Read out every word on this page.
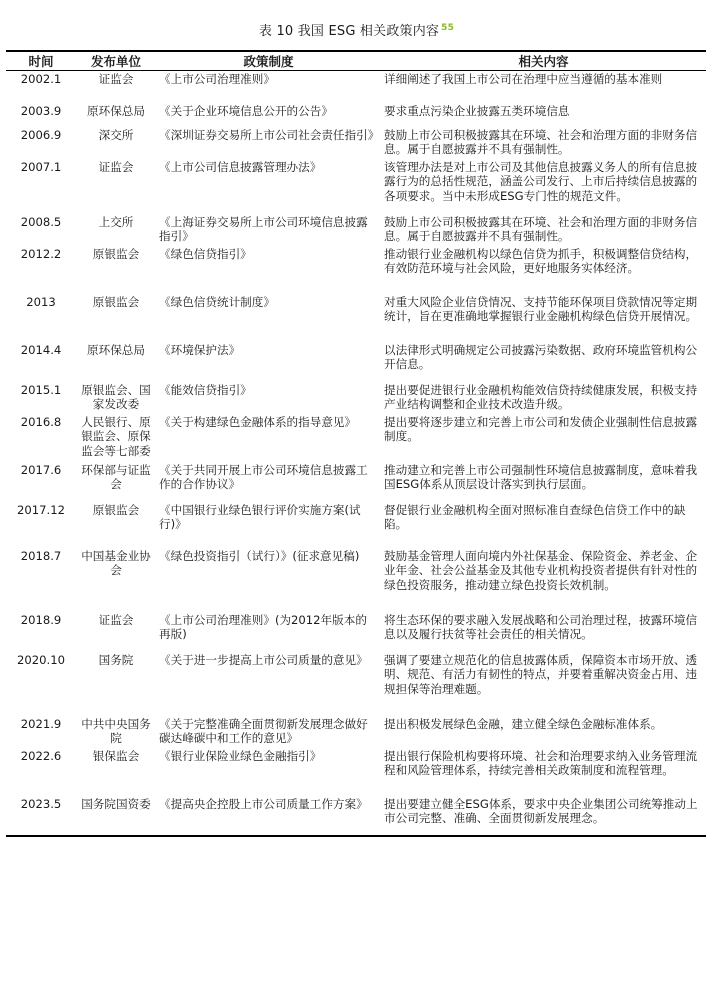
表 10 我国 ESG 相关政策内容 $^{55}$
时间	发布单位	政策制度	相关内容
2002.1	证监会	《上市公司治理准则》	详细阐述了我国上市公司在治理中应当遵循的基本准则
2003.9	原环保总局	《关于企业环境信息公开的公告》	要求重点污染企业披露五类环境信息
2006.9	深交所	《深圳证券交易所上市公司社会责任指引》	鼓励上市公司积极披露其在环境、社会和治理方面的非财务信息。属于自愿披露并不具有强制性。
2007.1	证监会	《上市公司信息披露管理办法》	该管理办法是对上市公司及其他信息披露义务人的所有信息披露行为的总括性规范，涵盖公司发行、上市后持续信息披露的各项要求。当中未形成ESG专门性的规范文件。
2008.5	上交所	《上海证券交易所上市公司环境信息披露指引》	鼓励上市公司积极披露其在环境、社会和治理方面的非财务信息。属于自愿披露并不具有强制性。
2012.2	原银监会	《绿色信贷指引》	推动银行业金融机构以绿色信贷为抓手，积极调整信贷结构，有效防范环境与社会风险，更好地服务实体经济。
2013	原银监会	《绿色信贷统计制度》	对重大风险企业信贷情况、支持节能环保项目贷款情况等定期统计，旨在更准确地掌握银行业金融机构绿色信贷开展情况。
2014.4	原环保总局	《环境保护法》	以法律形式明确规定公司披露污染数据、政府环境监管机构公开信息。
2015.1	原银监会、国家发改委	《能效信贷指引》	提出要促进银行业金融机构能效信贷持续健康发展，积极支持产业结构调整和企业技术改造升级。
2016.8	人民银行、原银监会、原保监会等七部委	《关于构建绿色金融体系的指导意见》	提出要将逐步建立和完善上市公司和发债企业强制性信息披露制度。
2017.6	环保部与证监会	《关于共同开展上市公司环境信息披露工作的合作协议》	推动建立和完善上市公司强制性环境信息披露制度，意味着我国ESG体系从顶层设计落实到执行层面。
2017.12	原银监会	《中国银行业绿色银行评价实施方案(试行)》	督促银行业金融机构全面对照标准自查绿色信贷工作中的缺陷。
2018.7	中国基金业协会	《绿色投资指引（试行）》(征求意见稿)	鼓励基金管理人面向境内外社保基金、保险资金、养老金、企业年金、社会公益基金及其他专业机构投资者提供有针对性的绿色投资服务，推动建立绿色投资长效机制。
2018.9	证监会	《上市公司治理准则》(为2012年版本的再版)	将生态环保的要求融入发展战略和公司治理过程，披露环境信息以及履行扶贫等社会责任的相关情况。
2020.10	国务院	《关于进一步提高上市公司质量的意见》	强调了要建立规范化的信息披露体质，保障资本市场开放、透明、规范、有活力有韧性的特点，并要着重解决资金占用、违规担保等治理难题。
2021.9	中共中央国务院	《关于完整准确全面贯彻新发展理念做好碳达峰碳中和工作的意见》	提出积极发展绿色金融，建立健全绿色金融标准体系。
2022.6	银保监会	《银行业保险业绿色金融指引》	提出银行保险机构要将环境、社会和治理要求纳入业务管理流程和风险管理体系，持续完善相关政策制度和流程管理。
2023.5	国务院国资委	《提高央企控股上市公司质量工作方案》	提出要建立健全ESG体系，要求中央企业集团公司统筹推动上市公司完整、准确、全面贯彻新发展理念。
